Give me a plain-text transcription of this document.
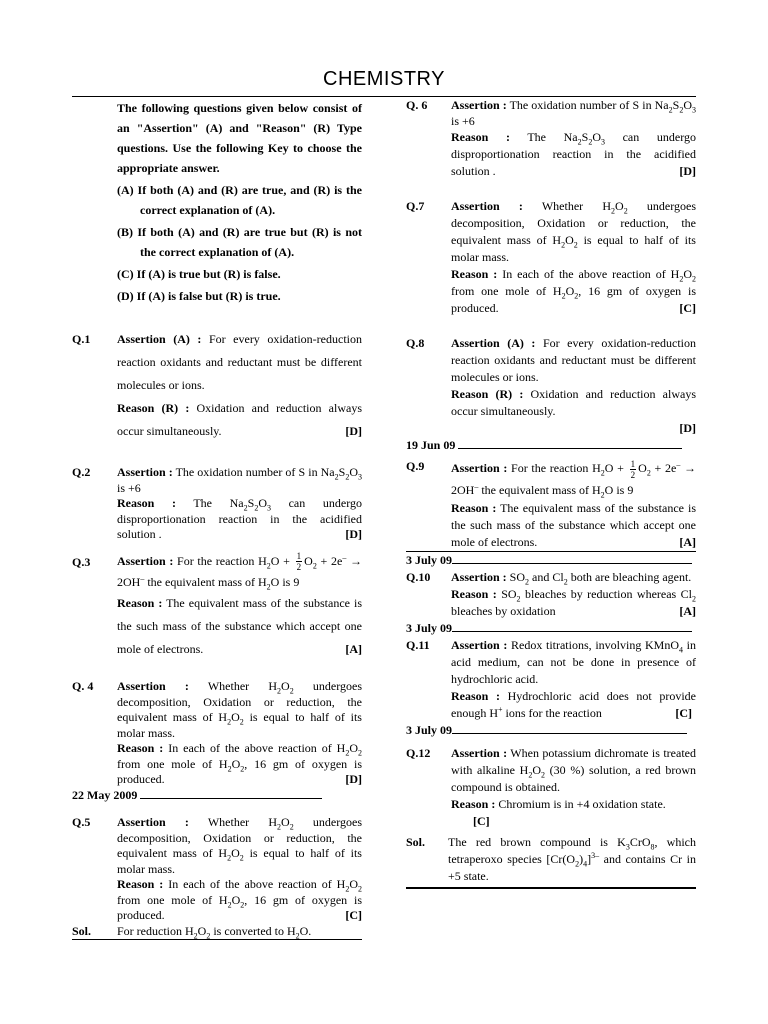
CHEMISTRY
The following questions given below consist of an "Assertion" (A) and "Reason" (R) Type questions. Use the following Key to choose the appropriate answer.
(A) If both (A) and (R) are true, and (R) is the correct explanation of (A).
(B) If both (A) and (R) are true but (R) is not the correct explanation of (A).
(C) If (A) is true but (R) is false.
(D) If (A) is false but (R) is true.
Q.1	Assertion (A) : For every oxidation-reduction reaction oxidants and reductant must be different molecules or ions.
Reason (R) : Oxidation and reduction always occur simultaneously.	[D]
Q.2	Assertion : The oxidation number of S in $Na_2S_2O_3$ is +6
Reason : The $Na_2S_2O_3$ can undergo disproportionation reaction in the acidified solution .	[D]
Q.3	Assertion : For the reaction $H_2O + \frac{1}{2} O_2 + 2e^- \to 2OH^-$ the equivalent mass of $H_2O$ is 9
Reason : The equivalent mass of the substance is the such mass of the substance which accept one mole of electrons.	[A]
Q. 4	Assertion : Whether $H_2O_2$ undergoes decomposition, Oxidation or reduction, the equivalent mass of $H_2O_2$ is equal to half of its molar mass.
Reason : In each of the above reaction of $H_2O_2$ from one mole of $H_2O_2$, 16 gm of oxygen is produced.	[D]
22 May 2009
Q.5	Assertion : Whether $H_2O_2$ undergoes decomposition, Oxidation or reduction, the equivalent mass of $H_2O_2$ is equal to half of its molar mass.
Reason : In each of the above reaction of $H_2O_2$ from one mole of $H_2O_2$, 16 gm of oxygen is produced.	[C]
Sol.	For reduction $H_2O_2$ is converted to $H_2O$.
Q. 6	Assertion : The oxidation number of S in $Na_2S_2O_3$ is +6
Reason : The $Na_2S_2O_3$ can undergo disproportionation reaction in the acidified solution .	[D]
Q.7	Assertion : Whether $H_2O_2$ undergoes decomposition, Oxidation or reduction, the equivalent mass of $H_2O_2$ is equal to half of its molar mass.
Reason : In each of the above reaction of $H_2O_2$ from one mole of $H_2O_2$, 16 gm of oxygen is produced.	[C]
Q.8	Assertion (A) : For every oxidation-reduction reaction oxidants and reductant must be different molecules or ions.
Reason (R) : Oxidation and reduction always occur simultaneously.
[D]
19 Jun 09
Q.9	Assertion : For the reaction $H_2O + \frac{1}{2} O_2 + 2e^- \to 2OH^-$ the equivalent mass of $H_2O$ is 9
Reason : The equivalent mass of the substance is the such mass of the substance which accept one mole of electrons.	[A]
3 July 09
Q.10	Assertion : $SO_2$ and $Cl_2$ both are bleaching agent.
Reason : $SO_2$ bleaches by reduction whereas $Cl_2$ bleaches by oxidation	[A]
3 July 09
Q.11	Assertion : Redox titrations, involving KMnO$_4$ in acid medium, can not be done in presence of hydrochloric acid.
Reason : Hydrochloric acid does not provide enough H+ ions for the reaction	[C]
3 July 09
Q.12	Assertion : When potassium dichromate is treated with alkaline $H_2O_2$ (30 %) solution, a red brown compound is obtained.
Reason : Chromium is in +4 oxidation state.
[C]
Sol.	The red brown compound is $K_3CrO_8$, which tetraperoxo species $[Cr(O_2)_4]^{3-}$ and contains Cr in +5 state.
